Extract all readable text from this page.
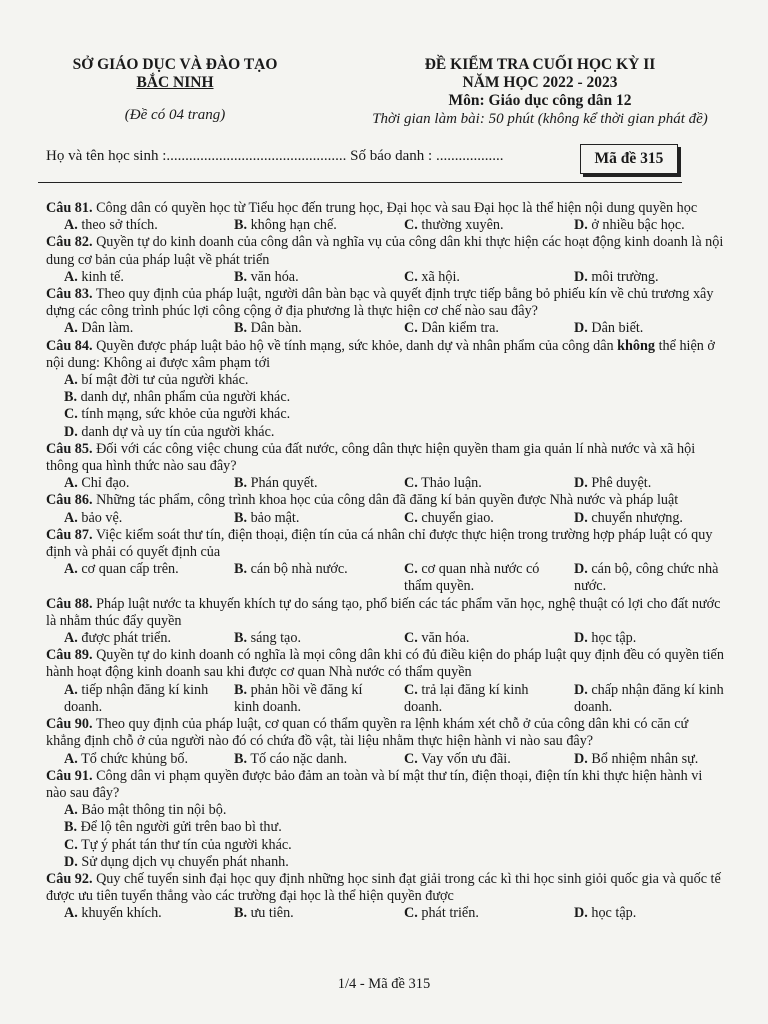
SỞ GIÁO DỤC VÀ ĐÀO TẠO
BẮC NINH
(Đề có 04 trang)
ĐỀ KIỂM TRA CUỐI HỌC KỲ II
NĂM HỌC 2022 - 2023
Môn: Giáo dục công dân 12
Thời gian làm bài: 50 phút (không kể thời gian phát đề)
Họ và tên học sinh :................................................ Số báo danh : ..................	Mã đề 315
Câu 81. Công dân có quyền học từ Tiểu học đến trung học, Đại học và sau Đại học là thể hiện nội dung quyền học
A. theo sở thích.	B. không hạn chế.	C. thường xuyên.	D. ở nhiều bậc học.
Câu 82. Quyền tự do kinh doanh của công dân và nghĩa vụ của công dân khi thực hiện các hoạt động kinh doanh là nội dung cơ bản của pháp luật về phát triển
A. kinh tế.	B. văn hóa.	C. xã hội.	D. môi trường.
Câu 83. Theo quy định của pháp luật, người dân bàn bạc và quyết định trực tiếp bằng bỏ phiếu kín về chủ trương xây dựng các công trình phúc lợi công cộng ở địa phương là thực hiện cơ chế nào sau đây?
A. Dân làm.	B. Dân bàn.	C. Dân kiểm tra.	D. Dân biết.
Câu 84. Quyền được pháp luật bảo hộ về tính mạng, sức khỏe, danh dự và nhân phẩm của công dân không thể hiện ở nội dung: Không ai được xâm phạm tới
A. bí mật đời tư của người khác.
B. danh dự, nhân phẩm của người khác.
C. tính mạng, sức khỏe của người khác.
D. danh dự và uy tín của người khác.
Câu 85. Đối với các công việc chung của đất nước, công dân thực hiện quyền tham gia quản lí nhà nước và xã hội thông qua hình thức nào sau đây?
A. Chỉ đạo.	B. Phán quyết.	C. Thảo luận.	D. Phê duyệt.
Câu 86. Những tác phẩm, công trình khoa học của công dân đã đăng kí bản quyền được Nhà nước và pháp luật
A. bảo vệ.	B. bảo mật.	C. chuyển giao.	D. chuyển nhượng.
Câu 87. Việc kiểm soát thư tín, điện thoại, điện tín của cá nhân chỉ được thực hiện trong trường hợp pháp luật có quy định và phải có quyết định của
A. cơ quan cấp trên.	B. cán bộ nhà nước.	C. cơ quan nhà nước có thẩm quyền.
D. cán bộ, công chức nhà nước.
Câu 88. Pháp luật nước ta khuyến khích tự do sáng tạo, phổ biến các tác phẩm văn học, nghệ thuật có lợi cho đất nước là nhằm thúc đẩy quyền
A. được phát triển.	B. sáng tạo.	C. văn hóa.	D. học tập.
Câu 89. Quyền tự do kinh doanh có nghĩa là mọi công dân khi có đủ điều kiện do pháp luật quy định đều có quyền tiến hành hoạt động kinh doanh sau khi được cơ quan Nhà nước có thẩm quyền
A. tiếp nhận đăng kí kinh doanh.
B. phản hồi về đăng kí kinh doanh.
C. trả lại đăng kí kinh doanh.
D. chấp nhận đăng kí kinh doanh.
Câu 90. Theo quy định của pháp luật, cơ quan có thẩm quyền ra lệnh khám xét chỗ ở của công dân khi có căn cứ khẳng định chỗ ở của người nào đó có chứa đồ vật, tài liệu nhằm thực hiện hành vi nào sau đây?
A. Tổ chức khủng bố.	B. Tố cáo nặc danh.	C. Vay vốn ưu đãi.	D. Bổ nhiệm nhân sự.
Câu 91. Công dân vi phạm quyền được bảo đảm an toàn và bí mật thư tín, điện thoại, điện tín khi thực hiện hành vi nào sau đây?
A. Bảo mật thông tin nội bộ.
B. Để lộ tên người gửi trên bao bì thư.
C. Tự ý phát tán thư tín của người khác.
D. Sử dụng dịch vụ chuyển phát nhanh.
Câu 92. Quy chế tuyển sinh đại học quy định những học sinh đạt giải trong các kì thi học sinh giỏi quốc gia và quốc tế được ưu tiên tuyển thẳng vào các trường đại học là thể hiện quyền được
A. khuyến khích.	B. ưu tiên.	C. phát triển.	D. học tập.
1/4 - Mã đề 315
